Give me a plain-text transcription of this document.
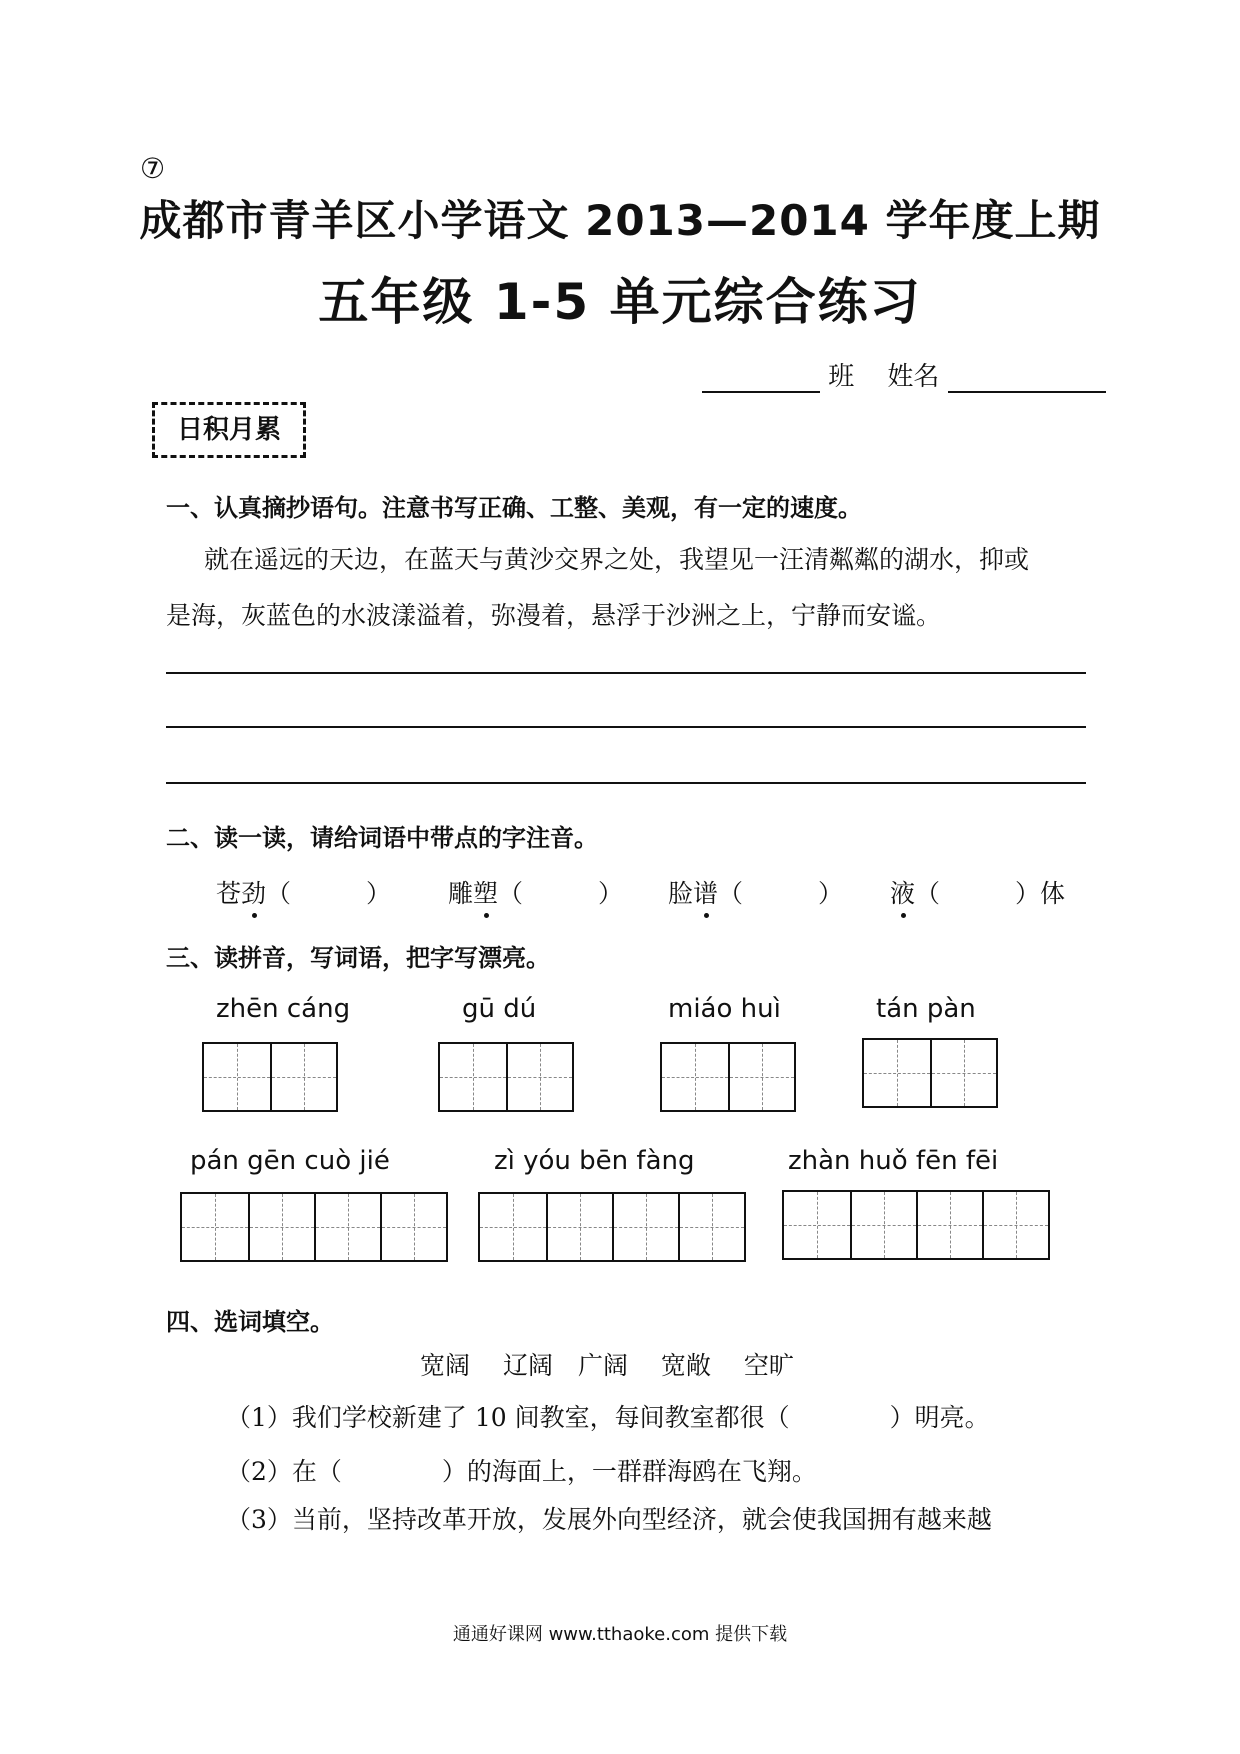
⑦
成都市青羊区小学语文 2013—2014 学年度上期
五年级 1-5 单元综合练习
班 姓名
日积月累
一、认真摘抄语句。注意书写正确、工整、美观，有一定的速度。
就在遥远的天边，在蓝天与黄沙交界之处，我望见一汪清粼粼的湖水，抑或
是海，灰蓝色的水波漾溢着，弥漫着，悬浮于沙洲之上，宁静而安谧。
二、读一读，请给词语中带点的字注音。
苍劲（　　　） 雕塑（　　　） 脸谱（　　　） 液（　　　）体
三、读拼音，写词语，把字写漂亮。
zhēn cáng	gū dú	miáo huì	tán pàn
pán gēn cuò jié	zì yóu bēn fàng	zhàn huǒ fēn fēi
四、选词填空。
宽阔　 辽阔　广阔　 宽敞　 空旷
（1）我们学校新建了 10 间教室，每间教室都很（　　　　）明亮。
（2）在（　　　　）的海面上，一群群海鸥在飞翔。
（3）当前，坚持改革开放，发展外向型经济，就会使我国拥有越来越
通通好课网 www.tthaoke.com 提供下载
